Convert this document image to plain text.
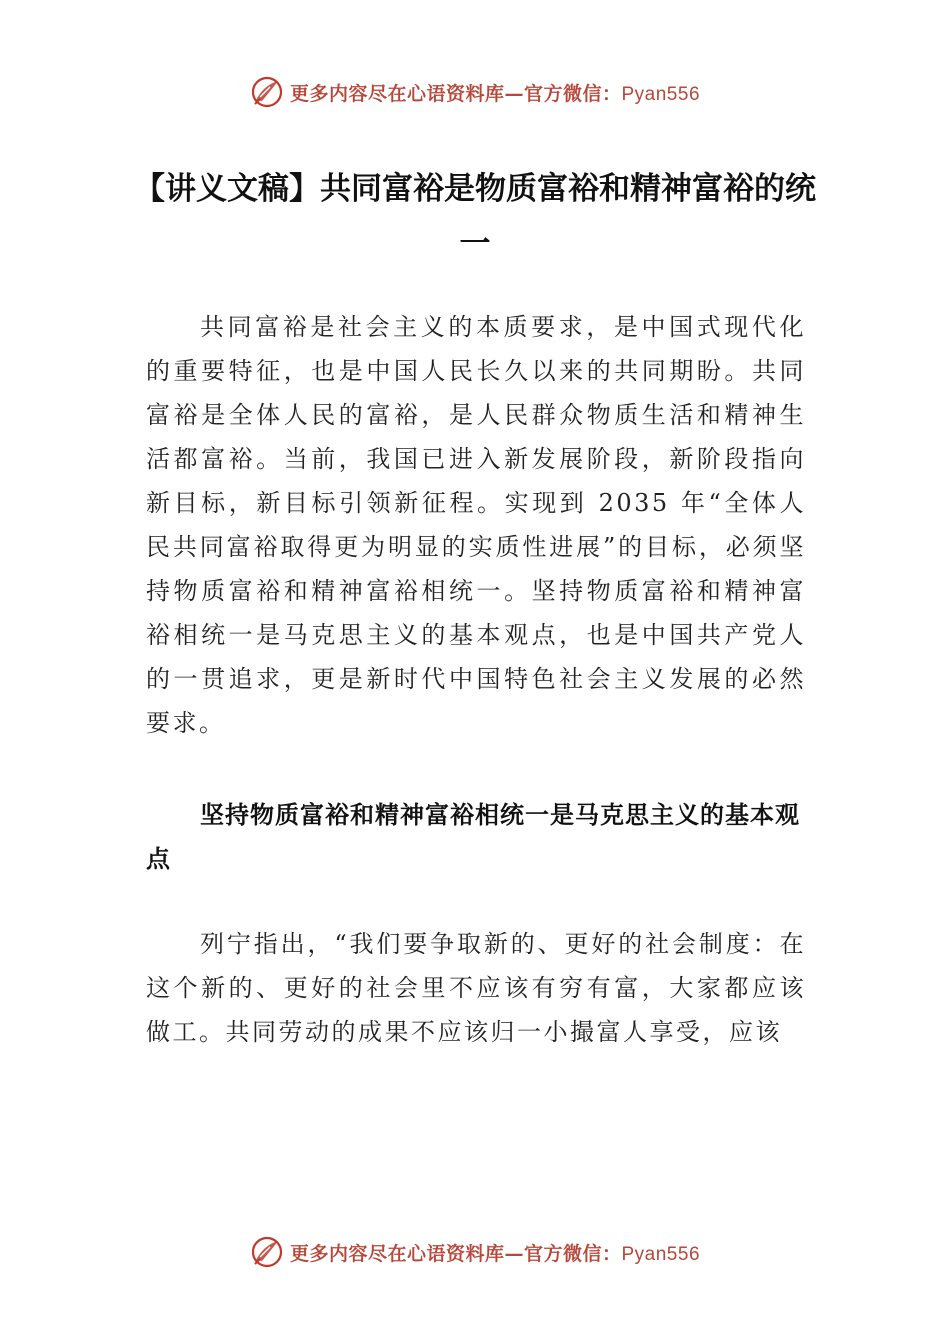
更多内容尽在心语资料库—官方微信：Pyan556
【讲义文稿】共同富裕是物质富裕和精神富裕的统一

共同富裕是社会主义的本质要求，是中国式现代化的重要特征，也是中国人民长久以来的共同期盼。共同富裕是全体人民的富裕，是人民群众物质生活和精神生活都富裕。当前，我国已进入新发展阶段，新阶段指向新目标，新目标引领新征程。实现到 2035 年“全体人民共同富裕取得更为明显的实质性进展”的目标，必须坚持物质富裕和精神富裕相统一。坚持物质富裕和精神富裕相统一是马克思主义的基本观点，也是中国共产党人的一贯追求，更是新时代中国特色社会主义发展的必然要求。

坚持物质富裕和精神富裕相统一是马克思主义的基本观点

列宁指出，“我们要争取新的、更好的社会制度：在这个新的、更好的社会里不应该有穷有富，大家都应该做工。共同劳动的成果不应该归一小撮富人享受，应该

更多内容尽在心语资料库—官方微信：Pyan556
